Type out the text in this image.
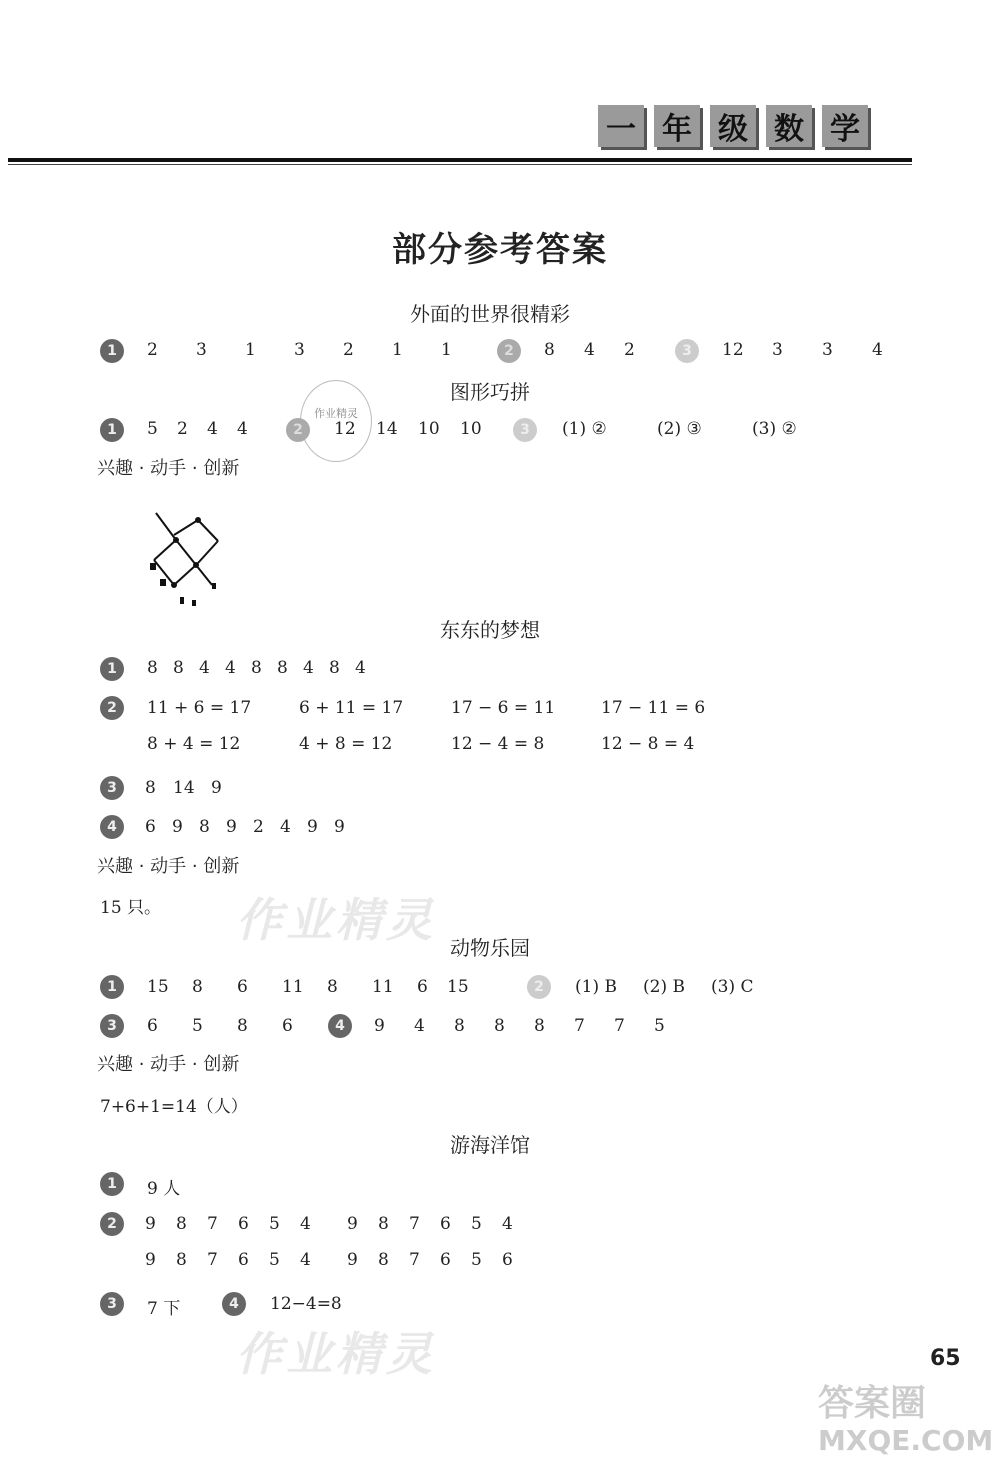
一 年 级 数 学
部分参考答案
外面的世界很精彩
1	2	3	1	3	2	1	1	2	8	4	2	3	12	3	3	4
图形巧拼
作业精灵
1	5	2	4	4	2	12	14	10	10	3	(1) ②	(2) ③	(3) ②
兴趣 · 动手 · 创新
东东的梦想
1	8 8 4 4 8 8 4 8 4
2	11 + 6 = 17	6 + 11 = 17	17 − 6 = 11	17 − 11 = 6
8 + 4 = 12	4 + 8 = 12	12 − 4 = 8	12 − 8 = 4
3	8	14 9
4	6 9 8 9 2 4 9 9
兴趣 · 动手 · 创新
15 只。 作业精灵
动物乐园
1	15	8	6	11	8	11	6	15	2	(1) B	(2) B	(3) C
3	6	5	8	6	4	9	4	8	8	8	7	7	5
兴趣 · 动手 · 创新
7+6+1=14（人）
游海洋馆
1	9 人
2	9	8	7	6	5	4	9	8	7	6	5	4
9	8	7	6	5	4	9	8	7	6	5	6
3	7 下	4	12−4=8
作业精灵	65
答案圈
MXQE.COM
